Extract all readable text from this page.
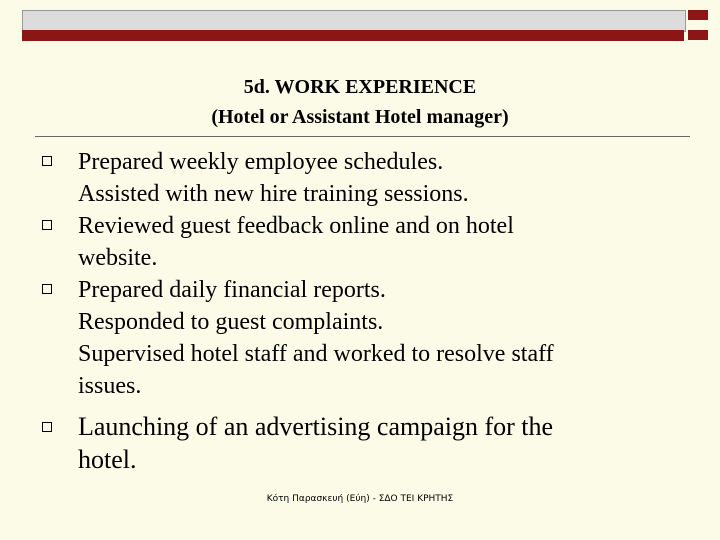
5d. WORK EXPERIENCE
(Hotel or Assistant Hotel manager)
Prepared weekly employee schedules.
Assisted with new hire training sessions.
Reviewed guest feedback online and on hotel
website.
Prepared daily financial reports.
Responded to guest complaints.
Supervised hotel staff and worked to resolve staff
issues.
Launching of an advertising campaign for the
hotel.
Κότη Παρασκευή (Εύη) - ΣΔΟ ΤΕΙ ΚΡΗΤΗΣ
